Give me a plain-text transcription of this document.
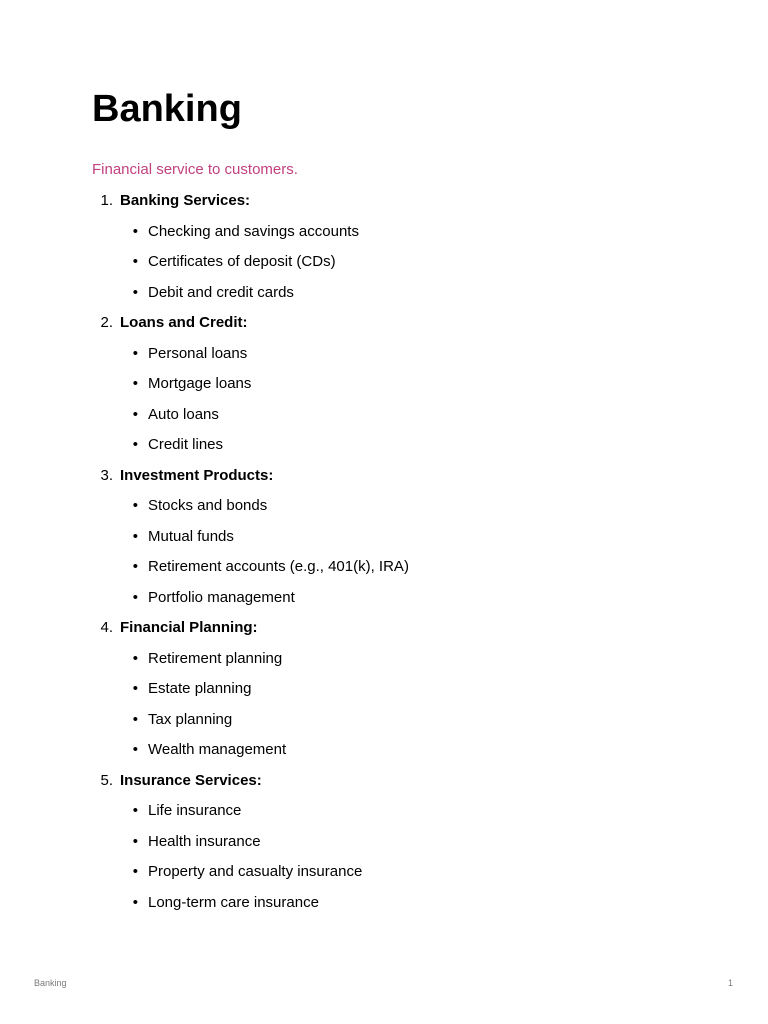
Banking

Financial service to customers.

1. Banking Services:
• Checking and savings accounts
• Certificates of deposit (CDs)
• Debit and credit cards
2. Loans and Credit:
• Personal loans
• Mortgage loans
• Auto loans
• Credit lines
3. Investment Products:
• Stocks and bonds
• Mutual funds
• Retirement accounts (e.g., 401(k), IRA)
• Portfolio management
4. Financial Planning:
• Retirement planning
• Estate planning
• Tax planning
• Wealth management
5. Insurance Services:
• Life insurance
• Health insurance
• Property and casualty insurance
• Long-term care insurance
Banking	1
